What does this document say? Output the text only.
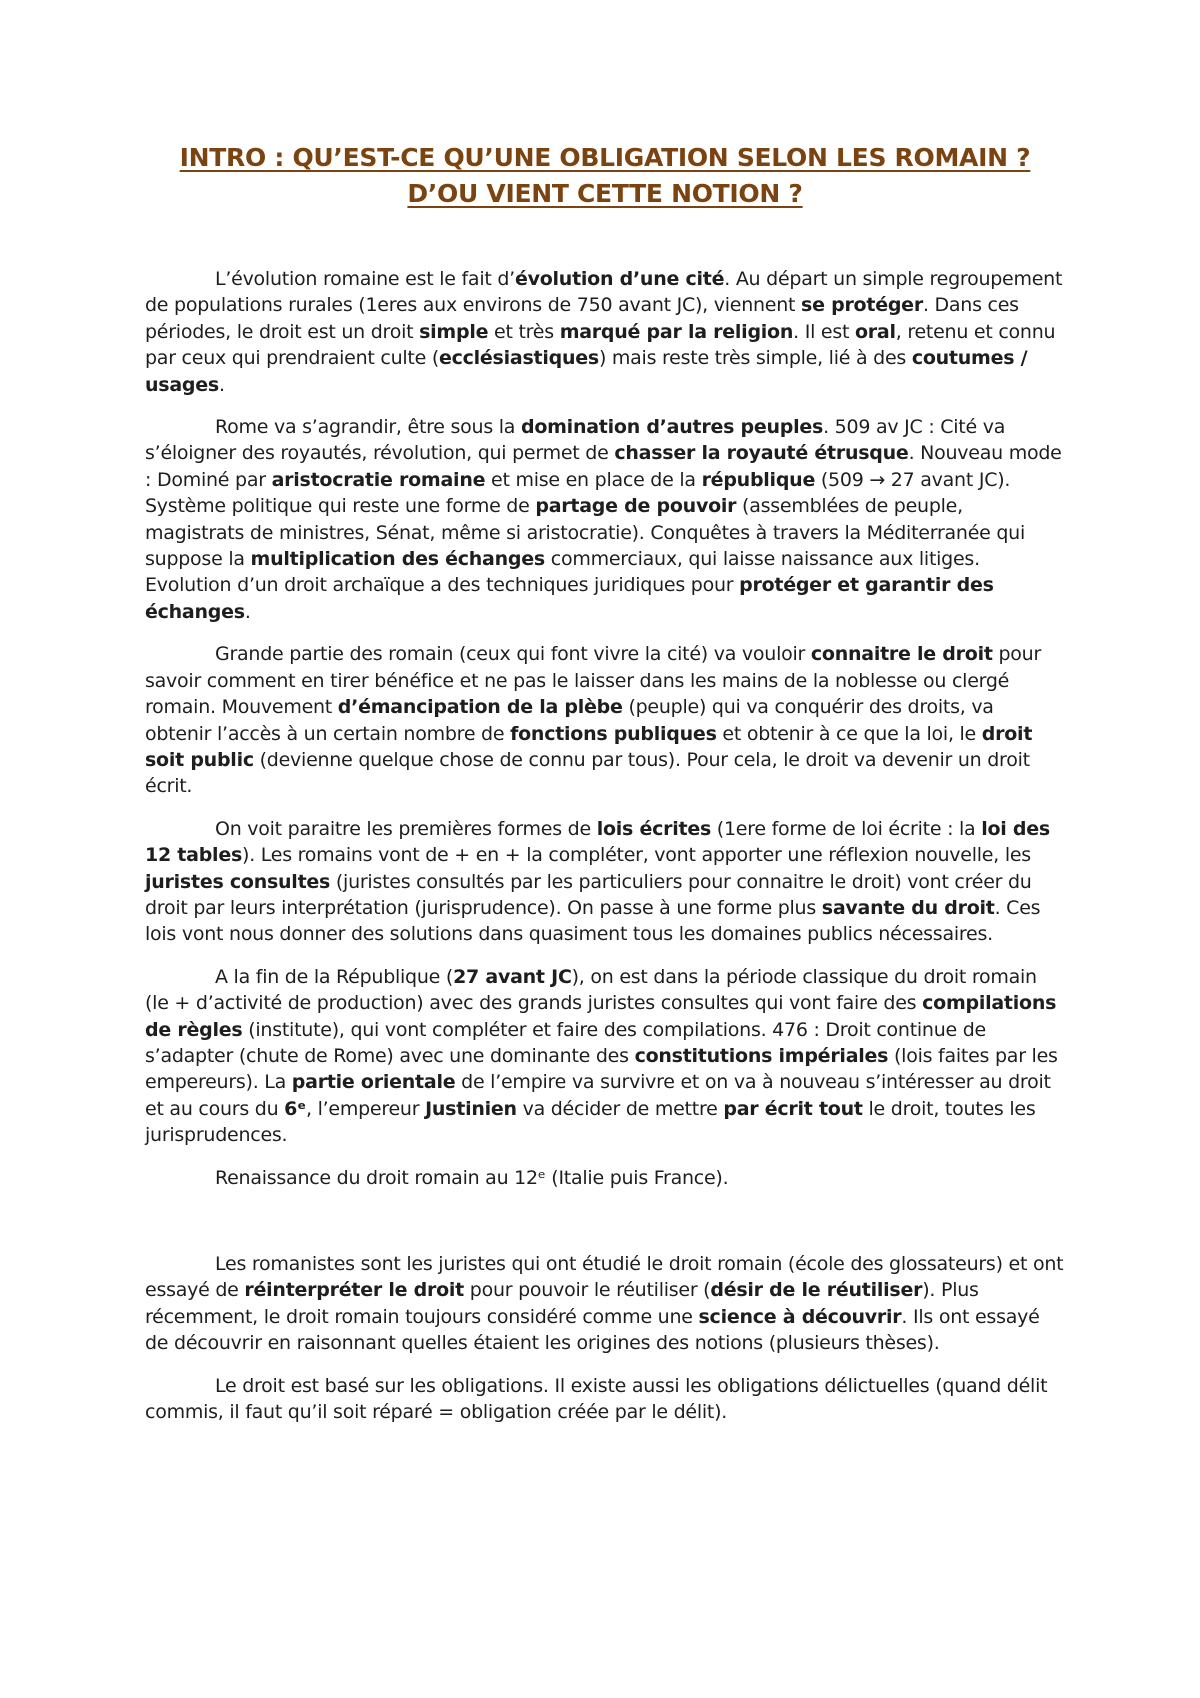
INTRO : QU’EST-CE QU’UNE OBLIGATION SELON LES ROMAIN ?
D’OU VIENT CETTE NOTION ?

L’évolution romaine est le fait d’évolution d’une cité. Au départ un simple regroupement de populations rurales (1eres aux environs de 750 avant JC), viennent se protéger. Dans ces périodes, le droit est un droit simple et très marqué par la religion. Il est oral, retenu et connu par ceux qui prendraient culte (ecclésiastiques) mais reste très simple, lié à des coutumes / usages.

Rome va s’agrandir, être sous la domination d’autres peuples. 509 av JC : Cité va s’éloigner des royautés, révolution, qui permet de chasser la royauté étrusque. Nouveau mode : Dominé par aristocratie romaine et mise en place de la république (509 → 27 avant JC). Système politique qui reste une forme de partage de pouvoir (assemblées de peuple, magistrats de ministres, Sénat, même si aristocratie). Conquêtes à travers la Méditerranée qui suppose la multiplication des échanges commerciaux, qui laisse naissance aux litiges. Evolution d’un droit archaïque a des techniques juridiques pour protéger et garantir des échanges.

Grande partie des romain (ceux qui font vivre la cité) va vouloir connaitre le droit pour savoir comment en tirer bénéfice et ne pas le laisser dans les mains de la noblesse ou clergé romain. Mouvement d’émancipation de la plèbe (peuple) qui va conquérir des droits, va obtenir l’accès à un certain nombre de fonctions publiques et obtenir à ce que la loi, le droit soit public (devienne quelque chose de connu par tous). Pour cela, le droit va devenir un droit écrit.

On voit paraitre les premières formes de lois écrites (1ere forme de loi écrite : la loi des 12 tables). Les romains vont de + en + la compléter, vont apporter une réflexion nouvelle, les juristes consultes (juristes consultés par les particuliers pour connaitre le droit) vont créer du droit par leurs interprétation (jurisprudence). On passe à une forme plus savante du droit. Ces lois vont nous donner des solutions dans quasiment tous les domaines publics nécessaires.

A la fin de la République (27 avant JC), on est dans la période classique du droit romain (le + d’activité de production) avec des grands juristes consultes qui vont faire des compilations de règles (institute), qui vont compléter et faire des compilations. 476 : Droit continue de s’adapter (chute de Rome) avec une dominante des constitutions impériales (lois faites par les empereurs). La partie orientale de l’empire va survivre et on va à nouveau s’intéresser au droit et au cours du 6ᵉ, l’empereur Justinien va décider de mettre par écrit tout le droit, toutes les jurisprudences.

Renaissance du droit romain au 12ᵉ (Italie puis France).

Les romanistes sont les juristes qui ont étudié le droit romain (école des glossateurs) et ont essayé de réinterpréter le droit pour pouvoir le réutiliser (désir de le réutiliser). Plus récemment, le droit romain toujours considéré comme une science à découvrir. Ils ont essayé de découvrir en raisonnant quelles étaient les origines des notions (plusieurs thèses).

Le droit est basé sur les obligations. Il existe aussi les obligations délictuelles (quand délit commis, il faut qu’il soit réparé = obligation créée par le délit).
